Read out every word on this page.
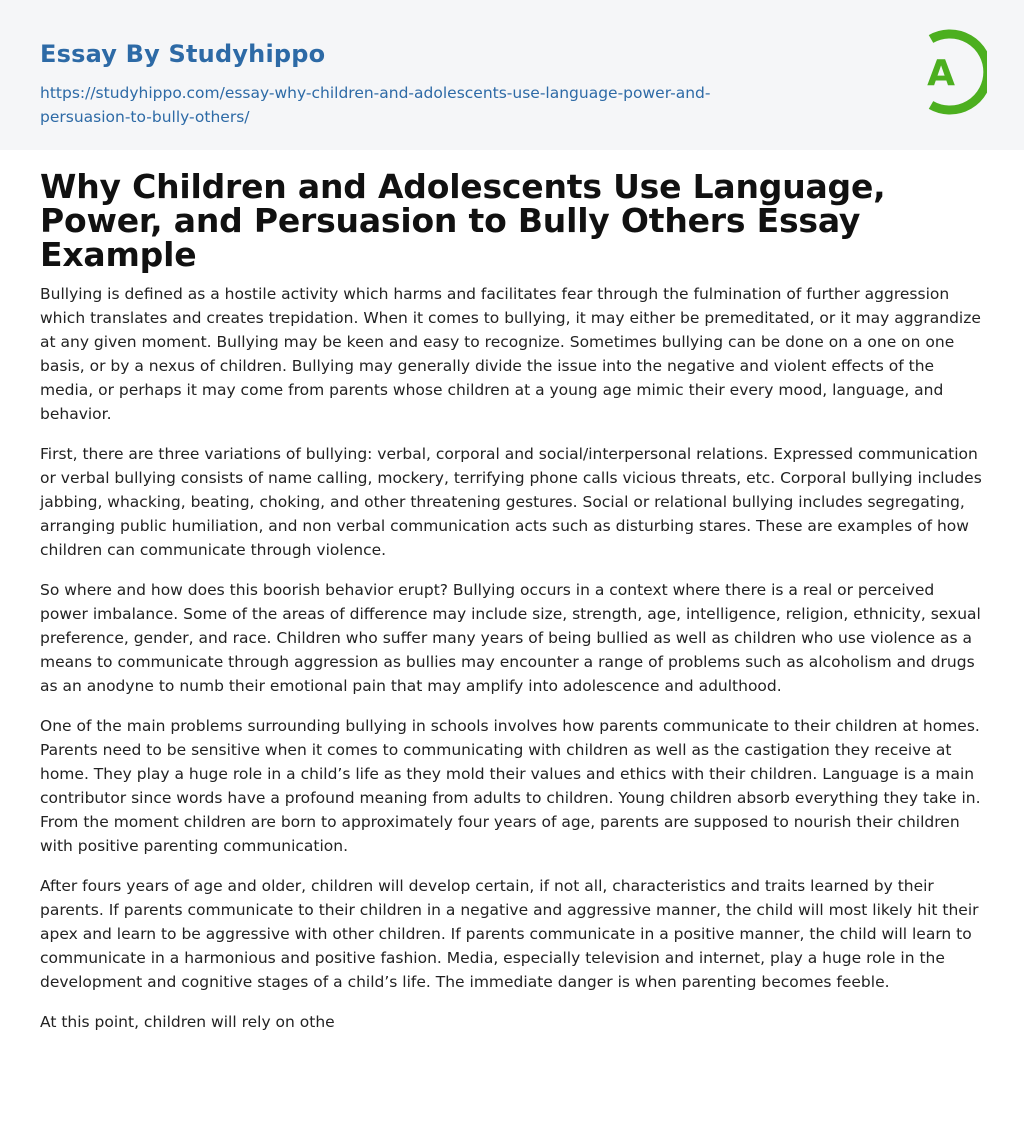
Essay By Studyhippo
https://studyhippo.com/essay-why-children-and-adolescents-use-language-power-and-persuasion-to-bully-others/
A
Why Children and Adolescents Use Language, Power, and Persuasion to Bully Others Essay Example

Bullying is defined as a hostile activity which harms and facilitates fear through the fulmination of further aggression which translates and creates trepidation. When it comes to bullying, it may either be premeditated, or it may aggrandize at any given moment. Bullying may be keen and easy to recognize. Sometimes bullying can be done on a one on one basis, or by a nexus of children. Bullying may generally divide the issue into the negative and violent effects of the media, or perhaps it may come from parents whose children at a young age mimic their every mood, language, and behavior.

First, there are three variations of bullying: verbal, corporal and social/interpersonal relations. Expressed communication or verbal bullying consists of name calling, mockery, terrifying phone calls vicious threats, etc. Corporal bullying includes jabbing, whacking, beating, choking, and other threatening gestures. Social or relational bullying includes segregating, arranging public humiliation, and non verbal communication acts such as disturbing stares. These are examples of how children can communicate through violence.

So where and how does this boorish behavior erupt? Bullying occurs in a context where there is a real or perceived power imbalance. Some of the areas of difference may include size, strength, age, intelligence, religion, ethnicity, sexual preference, gender, and race. Children who suffer many years of being bullied as well as children who use violence as a means to communicate through aggression as bullies may encounter a range of problems such as alcoholism and drugs as an anodyne to numb their emotional pain that may amplify into adolescence and adulthood.

One of the main problems surrounding bullying in schools involves how parents communicate to their children at homes. Parents need to be sensitive when it comes to communicating with children as well as the castigation they receive at home. They play a huge role in a child’s life as they mold their values and ethics with their children. Language is a main contributor since words have a profound meaning from adults to children. Young children absorb everything they take in. From the moment children are born to approximately four years of age, parents are supposed to nourish their children with positive parenting communication.

After fours years of age and older, children will develop certain, if not all, characteristics and traits learned by their parents. If parents communicate to their children in a negative and aggressive manner, the child will most likely hit their apex and learn to be aggressive with other children. If parents communicate in a positive manner, the child will learn to communicate in a harmonious and positive fashion. Media, especially television and internet, play a huge role in the development and cognitive stages of a child’s life. The immediate danger is when parenting becomes feeble.

At this point, children will rely on othe
